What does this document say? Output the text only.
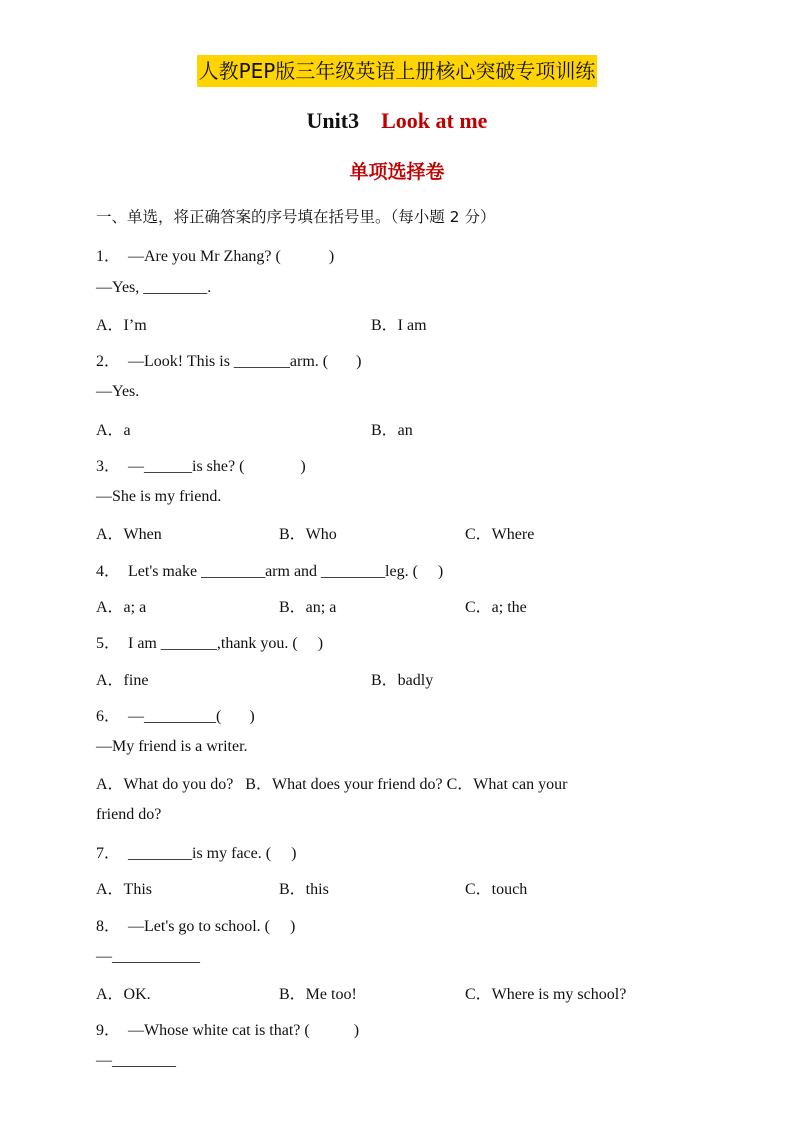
人教PEP版三年级英语上册核心突破专项训练
Unit3 Look at me
单项选择卷
一、单选，将正确答案的序号填在括号里。（每小题 2 分）
1．　—Are you Mr Zhang? (            )
—Yes, ________.
A．I’m	B．I am
2．　—Look! This is _______arm. (       )
—Yes.
A．a	B．an
3．　—______is she? (              )
—She is my friend.
A．When	B．Who	C．Where
4．　Let's make ________arm and ________leg. (     )
A．a; a	B．an; a	C．a; the
5．　I am _______,thank you. (     )
A．fine	B．badly
6．　—_________(       )
—My friend is a writer.
A．What do you do?   B．What does your friend do? C．What can your
friend do?
7．　________is my face. (     )
A．This	B．this	C．touch
8．　—Let's go to school. (     )
—___________
A．OK.	B．Me too!	C．Where is my school?
9．　—Whose white cat is that? (           )
—________
